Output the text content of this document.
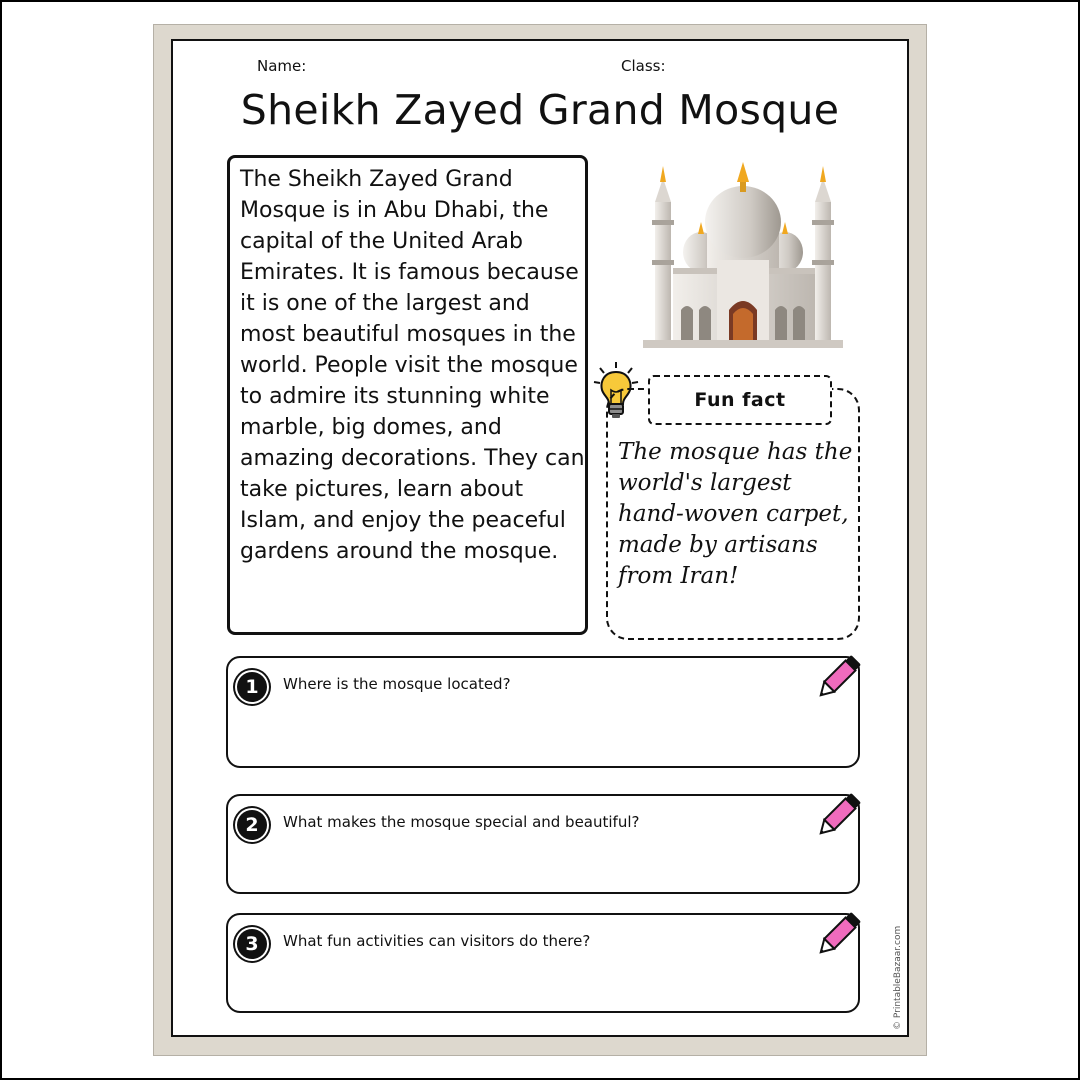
Name:	Class:
Sheikh Zayed Grand Mosque
The Sheikh Zayed Grand Mosque is in Abu Dhabi, the capital of the United Arab Emirates. It is famous because it is one of the largest and most beautiful mosques in the world. People visit the mosque to admire its stunning white marble, big domes, and amazing decorations. They can take pictures, learn about Islam, and enjoy the peaceful gardens around the mosque.
Fun fact
The mosque has the world's largest hand-woven carpet, made by artisans from Iran!
1	Where is the mosque located?
2	What makes the mosque special and beautiful?
3	What fun activities can visitors do there?	© PrintableBazaar.com
